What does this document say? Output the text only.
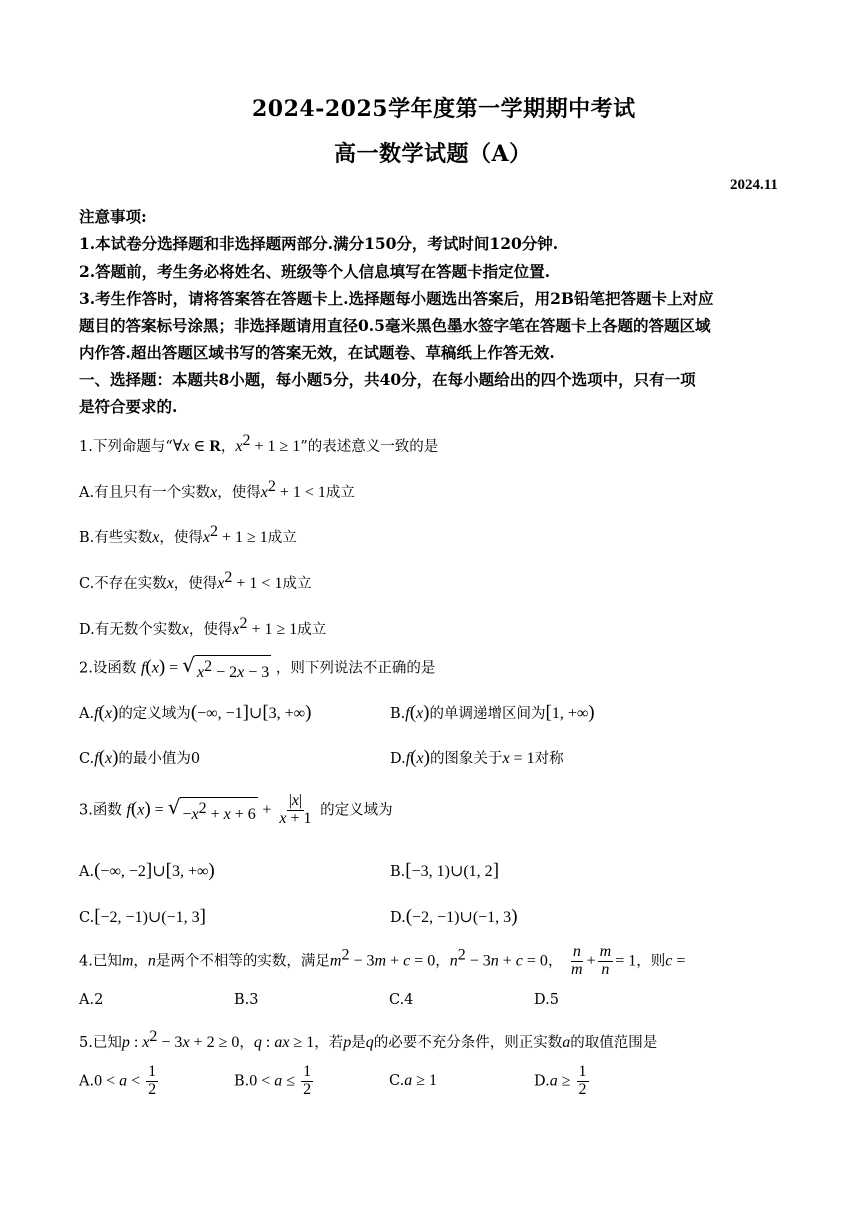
2024-2025学年度第一学期期中考试
高一数学试题（A）
2024.11
注意事项:
1.本试卷分选择题和非选择题两部分.满分150分，考试时间120分钟.
2.答题前，考生务必将姓名、班级等个人信息填写在答题卡指定位置.
3.考生作答时，请将答案答在答题卡上.选择题每小题选出答案后，用2B铅笔把答题卡上对应
题目的答案标号涂黑；非选择题请用直径0.5毫米黑色墨水签字笔在答题卡上各题的答题区域
内作答.超出答题区域书写的答案无效，在试题卷、草稿纸上作答无效.
一、选择题：本题共8小题，每小题5分，共40分，在每小题给出的四个选项中，只有一项
是符合要求的.
1.下列命题与“∀x ∈ R，$x^2 + 1 \ge 1$”的表述意义一致的是
A.有且只有一个实数x，使得$x^2 + 1 < 1$成立
B.有些实数x，使得$x^2 + 1 \ge 1$成立
C.不存在实数x，使得$x^2 + 1 < 1$成立
D.有无数个实数x，使得$x^2 + 1 \ge 1$成立
2.设函数 f(x) = √ $x^2 - 2x - 3$ ，则下列说法不正确的是
A.f(x)的定义域为(−∞, −1]∪[3, +∞)	B.f(x)的单调递增区间为[1, +∞)
C.f(x)的最小值为0	D.f(x)的图象关于x = 1对称
3.函数 f(x) = √ $-x^2 + x + 6 + \frac{|x|}{x + 1}$ 的定义域为
A.(−∞, −2]∪[3, +∞)	B.[−3, 1)∪(1, 2]
C.[−2, −1)∪(−1, 3]	D.(−2, −1)∪(−1, 3)
4.已知m，n是两个不相等的实数，满足$m^2 - 3m + c = 0$，$n^2 - 3n + c = 0$， $\frac{n}{m} + \frac{m}{n} = 1$，则c =
A.2	B.3	C.4	D.5
5.已知p : $x^2 - 3x + 2 \ge 0$，q : ax ≥ 1，若p是q的必要不充分条件，则正实数a的取值范围是
$A.0 < a < \frac{1}{2}$	$B.0 < a \le \frac{1}{2}$	C.a ≥ 1	$D.a \ge \frac{1}{2}$
